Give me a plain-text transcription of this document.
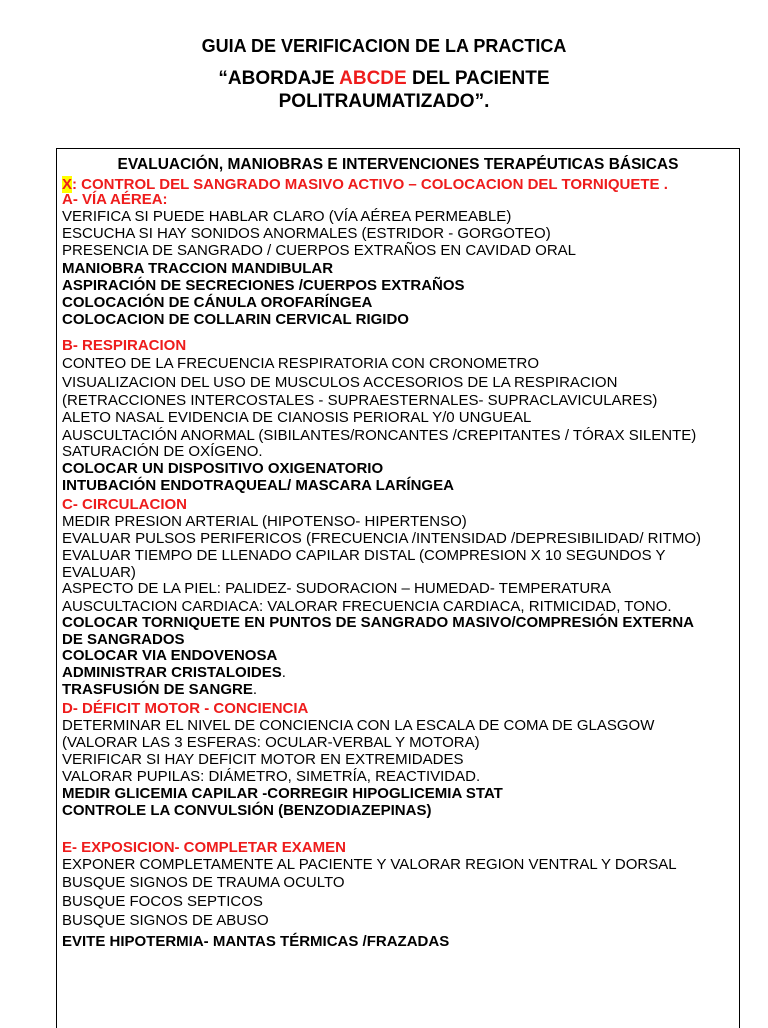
GUIA DE VERIFICACION DE LA PRACTICA
“ABORDAJE ABCDE DEL PACIENTE
POLITRAUMATIZADO”.
EVALUACIÓN, MANIOBRAS E INTERVENCIONES TERAPÉUTICAS BÁSICAS
X: CONTROL DEL SANGRADO MASIVO ACTIVO – COLOCACION DEL TORNIQUETE .
A- VÍA AÉREA:
VERIFICA SI PUEDE HABLAR CLARO (VÍA AÉREA PERMEABLE)
ESCUCHA SI HAY SONIDOS ANORMALES (ESTRIDOR - GORGOTEO)
PRESENCIA DE SANGRADO / CUERPOS EXTRAÑOS EN CAVIDAD ORAL
MANIOBRA TRACCION MANDIBULAR
ASPIRACIÓN DE SECRECIONES /CUERPOS EXTRAÑOS
COLOCACIÓN DE CÁNULA OROFARÍNGEA
COLOCACION DE COLLARIN CERVICAL RIGIDO
B- RESPIRACION
CONTEO DE LA FRECUENCIA RESPIRATORIA CON CRONOMETRO
VISUALIZACION DEL USO DE MUSCULOS ACCESORIOS DE LA RESPIRACION
(RETRACCIONES INTERCOSTALES - SUPRAESTERNALES- SUPRACLAVICULARES)
ALETO NASAL EVIDENCIA DE CIANOSIS PERIORAL Y/0 UNGUEAL
AUSCULTACIÓN ANORMAL (SIBILANTES/RONCANTES /CREPITANTES / TÓRAX SILENTE)
SATURACIÓN DE OXÍGENO.
COLOCAR UN DISPOSITIVO OXIGENATORIO
INTUBACIÓN ENDOTRAQUEAL/ MASCARA LARÍNGEA
C- CIRCULACION
MEDIR PRESION ARTERIAL (HIPOTENSO- HIPERTENSO)
EVALUAR PULSOS PERIFERICOS (FRECUENCIA /INTENSIDAD /DEPRESIBILIDAD/ RITMO)
EVALUAR TIEMPO DE LLENADO CAPILAR DISTAL (COMPRESION X 10 SEGUNDOS Y
EVALUAR)
ASPECTO DE LA PIEL: PALIDEZ- SUDORACION – HUMEDAD- TEMPERATURA
AUSCULTACION CARDIACA: VALORAR FRECUENCIA CARDIACA, RITMICIDAD, TONO.
COLOCAR TORNIQUETE EN PUNTOS DE SANGRADO MASIVO/COMPRESIÓN EXTERNA
DE SANGRADOS
COLOCAR VIA ENDOVENOSA
ADMINISTRAR CRISTALOIDES.
TRASFUSIÓN DE SANGRE.
D- DÉFICIT MOTOR - CONCIENCIA
DETERMINAR EL NIVEL DE CONCIENCIA CON LA ESCALA DE COMA DE GLASGOW
(VALORAR LAS 3 ESFERAS: OCULAR-VERBAL Y MOTORA)
VERIFICAR SI HAY DEFICIT MOTOR EN EXTREMIDADES
VALORAR PUPILAS: DIÁMETRO, SIMETRÍA, REACTIVIDAD.
MEDIR GLICEMIA CAPILAR -CORREGIR HIPOGLICEMIA STAT
CONTROLE LA CONVULSIÓN (BENZODIAZEPINAS)
E- EXPOSICION- COMPLETAR EXAMEN
EXPONER COMPLETAMENTE AL PACIENTE Y VALORAR REGION VENTRAL Y DORSAL
BUSQUE SIGNOS DE TRAUMA OCULTO
BUSQUE FOCOS SEPTICOS
BUSQUE SIGNOS DE ABUSO
EVITE HIPOTERMIA- MANTAS TÉRMICAS /FRAZADAS
